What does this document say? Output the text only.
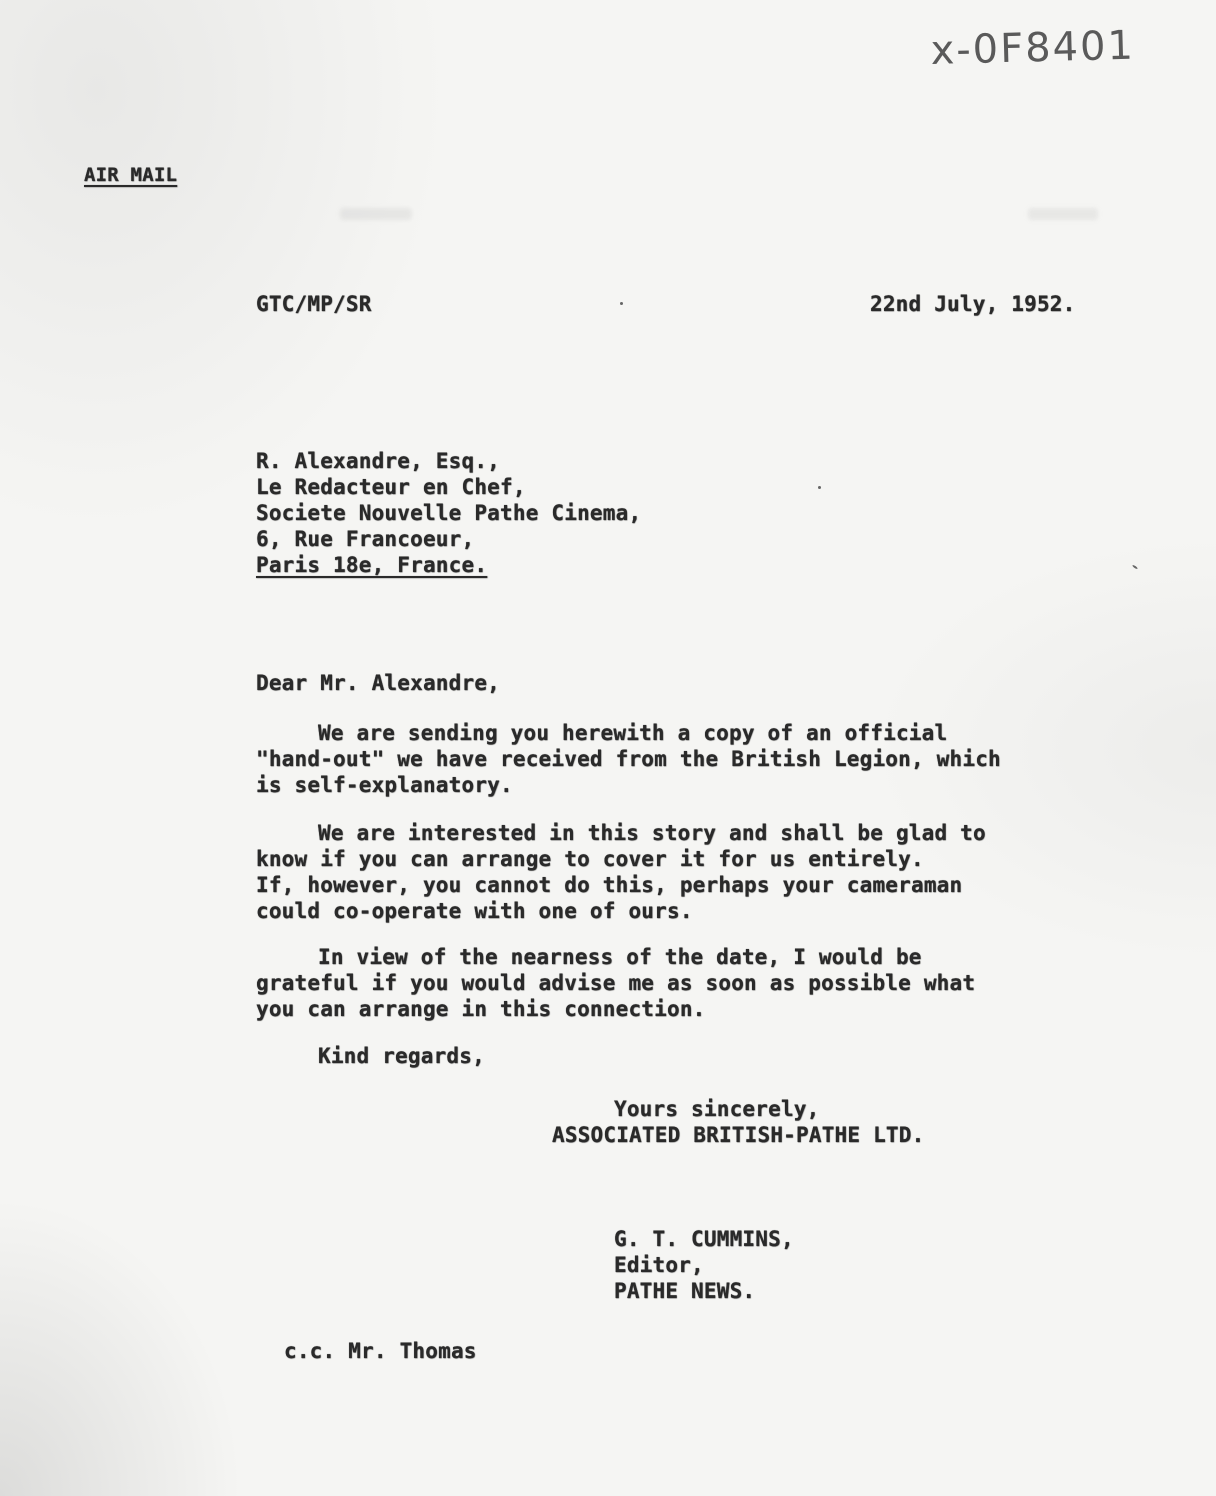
x-0F8401
AIR MAIL
GTC/MP/SR	22nd July, 1952.
R. Alexandre, Esq.,
Le Redacteur en Chef,
Societe Nouvelle Pathe Cinema,
6, Rue Francoeur,
Paris 18e, France.
Dear Mr. Alexandre,
We are sending you herewith a copy of an official
"hand-out" we have received from the British Legion, which
is self-explanatory.
We are interested in this story and shall be glad to
know if you can arrange to cover it for us entirely.
If, however, you cannot do this, perhaps your cameraman
could co-operate with one of ours.
In view of the nearness of the date, I would be
grateful if you would advise me as soon as possible what
you can arrange in this connection.
Kind regards,
Yours sincerely,
ASSOCIATED BRITISH-PATHE LTD.
G. T. CUMMINS,
Editor,
PATHE NEWS.
c.c. Mr. Thomas
